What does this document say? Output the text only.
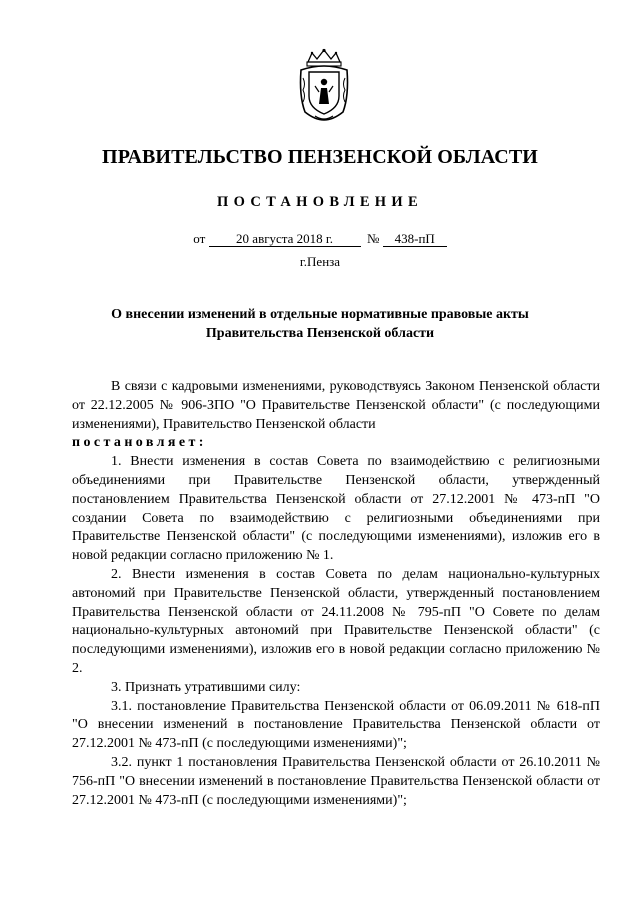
ПРАВИТЕЛЬСТВО ПЕНЗЕНСКОЙ ОБЛАСТИ
ПОСТАНОВЛЕНИЕ
от 20 августа 2018 г.	№ 438-пП
г.Пенза
О внесении изменений в отдельные нормативные правовые акты
Правительства Пензенской области

В связи с кадровыми изменениями, руководствуясь Законом Пензенской области от 22.12.2005 № 906-ЗПО "О Правительстве Пензенской области" (с последующими изменениями), Правительство Пензенской области

постановляет:

1. Внести изменения в состав Совета по взаимодействию с религиозными объединениями при Правительстве Пензенской области, утвержденный постановлением Правительства Пензенской области от 27.12.2001 № 473-пП "О создании Совета по взаимодействию с религиозными объединениями при Правительстве Пензенской области" (с последующими изменениями), изложив его в новой редакции согласно приложению № 1.

2. Внести изменения в состав Совета по делам национально-культурных автономий при Правительстве Пензенской области, утвержденный постановлением Правительства Пензенской области от 24.11.2008 № 795-пП "О Совете по делам национально-культурных автономий при Правительстве Пензенской области" (с последующими изменениями), изложив его в новой редакции согласно приложению № 2.

3. Признать утратившими силу:

3.1. постановление Правительства Пензенской области от 06.09.2011 № 618-пП "О внесении изменений в постановление Правительства Пензенской области от 27.12.2001 № 473-пП (с последующими изменениями)";

3.2. пункт 1 постановления Правительства Пензенской области от 26.10.2011 № 756-пП "О внесении изменений в постановление Правительства Пензенской области от 27.12.2001 № 473-пП (с последующими изменениями)";
